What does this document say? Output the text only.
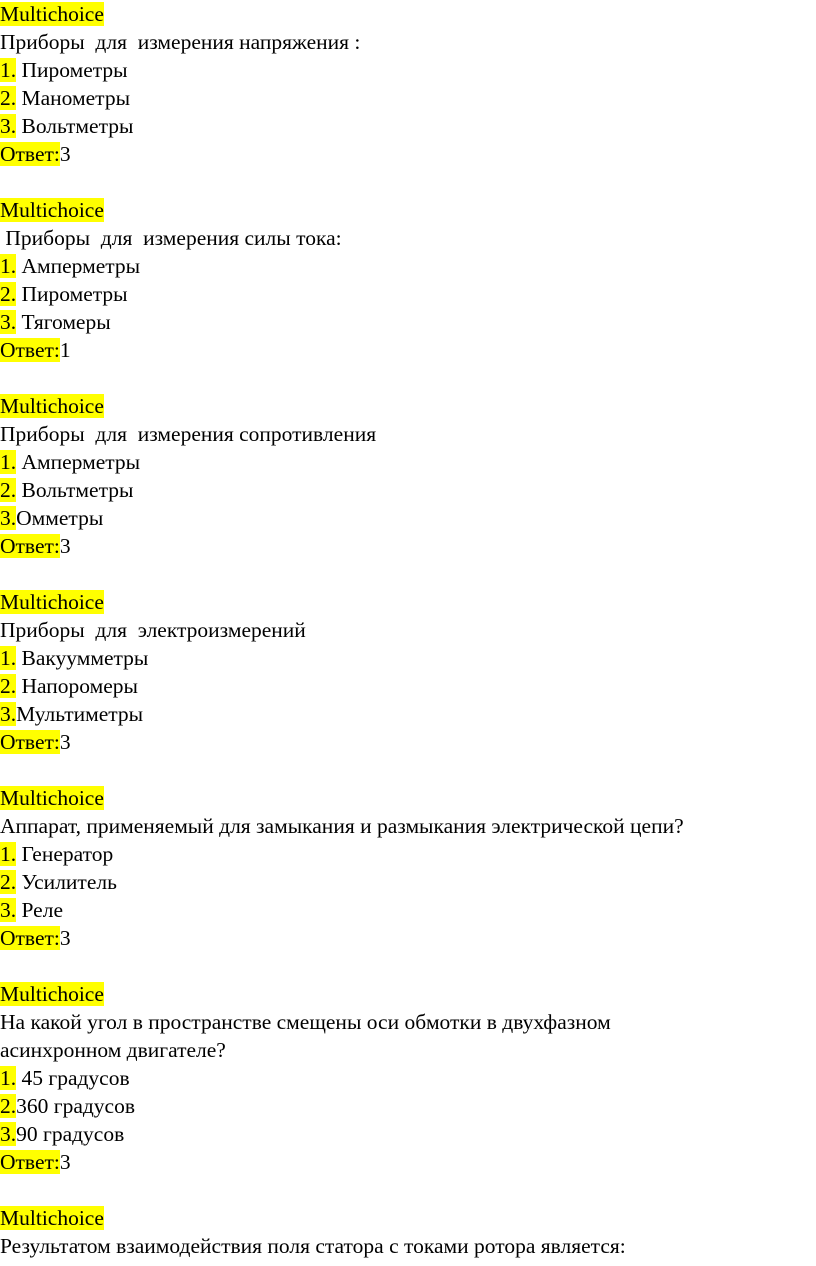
Multichoice
Приборы  для  измерения напряжения :
1. Пирометры
2. Манометры
3. Вольтметры
Ответ:3
Multichoice
Приборы  для  измерения силы тока:
1. Амперметры
2. Пирометры
3. Тягомеры
Ответ:1
Multichoice
Приборы  для  измерения сопротивления
1. Амперметры
2. Вольтметры
3.Омметры
Ответ:3
Multichoice
Приборы  для  электроизмерений
1. Вакуумметры
2. Напоромеры
3.Мультиметры
Ответ:3
Multichoice
Аппарат, применяемый для замыкания и размыкания электрической цепи?
1. Генератор
2. Усилитель
3. Реле
Ответ:3
Multichoice
На какой угол в пространстве смещены оси обмотки в двухфазном
асинхронном двигателе?
1. 45 градусов
2.360 градусов
3.90 градусов
Ответ:3
Multichoice
Результатом взаимодействия поля статора с токами ротора является:
